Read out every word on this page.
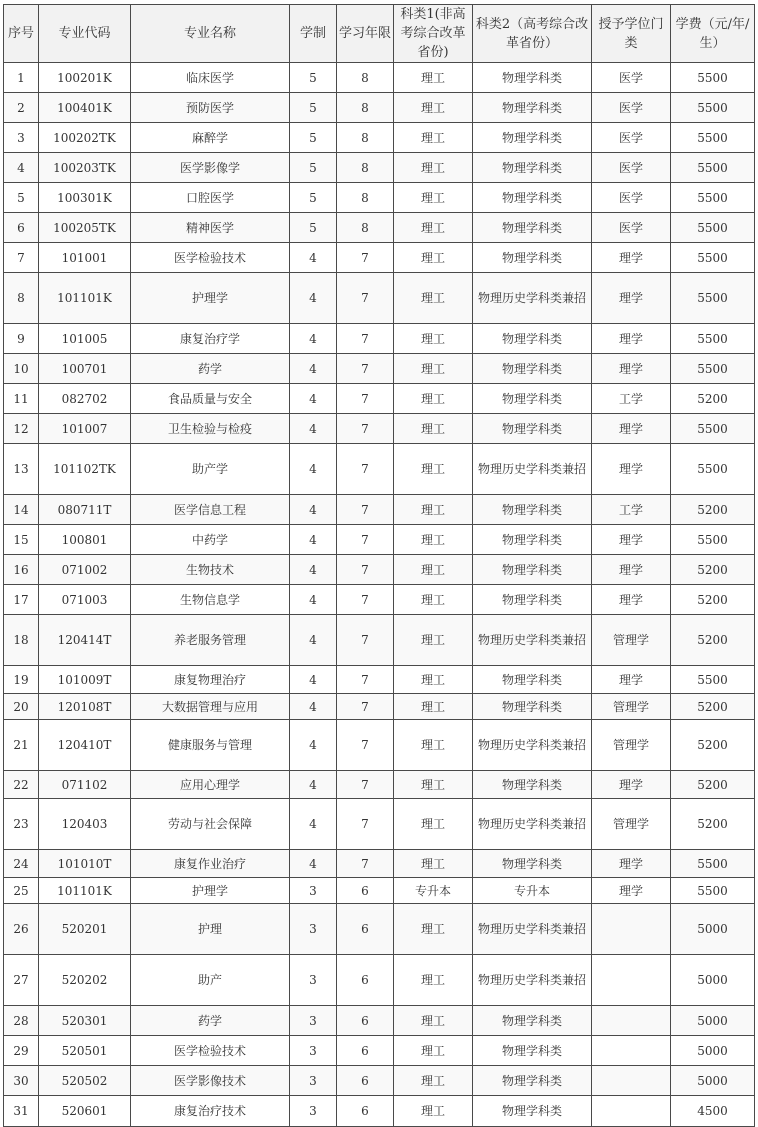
序号	专业代码	专业名称	学制	学习年限	科类1(非高考综合改革省份)	科类2（高考综合改革省份）	授予学位门类	学费（元/年/生）
1	100201K	临床医学	5	8	理工	物理学科类	医学	5500
2	100401K	预防医学	5	8	理工	物理学科类	医学	5500
3	100202TK	麻醉学	5	8	理工	物理学科类	医学	5500
4	100203TK	医学影像学	5	8	理工	物理学科类	医学	5500
5	100301K	口腔医学	5	8	理工	物理学科类	医学	5500
6	100205TK	精神医学	5	8	理工	物理学科类	医学	5500
7	101001	医学检验技术	4	7	理工	物理学科类	理学	5500
8	101101K	护理学	4	7	理工	物理历史学科类兼招	理学	5500
9	101005	康复治疗学	4	7	理工	物理学科类	理学	5500
10	100701	药学	4	7	理工	物理学科类	理学	5500
11	082702	食品质量与安全	4	7	理工	物理学科类	工学	5200
12	101007	卫生检验与检疫	4	7	理工	物理学科类	理学	5500
13	101102TK	助产学	4	7	理工	物理历史学科类兼招	理学	5500
14	080711T	医学信息工程	4	7	理工	物理学科类	工学	5200
15	100801	中药学	4	7	理工	物理学科类	理学	5500
16	071002	生物技术	4	7	理工	物理学科类	理学	5200
17	071003	生物信息学	4	7	理工	物理学科类	理学	5200
18	120414T	养老服务管理	4	7	理工	物理历史学科类兼招	管理学	5200
19	101009T	康复物理治疗	4	7	理工	物理学科类	理学	5500
20	120108T	大数据管理与应用	4	7	理工	物理学科类	管理学	5200
21	120410T	健康服务与管理	4	7	理工	物理历史学科类兼招	管理学	5200
22	071102	应用心理学	4	7	理工	物理学科类	理学	5200
23	120403	劳动与社会保障	4	7	理工	物理历史学科类兼招	管理学	5200
24	101010T	康复作业治疗	4	7	理工	物理学科类	理学	5500
25	101101K	护理学	3	6	专升本	专升本	理学	5500
26	520201	护理	3	6	理工	物理历史学科类兼招		5000
27	520202	助产	3	6	理工	物理历史学科类兼招		5000
28	520301	药学	3	6	理工	物理学科类		5000
29	520501	医学检验技术	3	6	理工	物理学科类		5000
30	520502	医学影像技术	3	6	理工	物理学科类		5000
31	520601	康复治疗技术	3	6	理工	物理学科类		4500
